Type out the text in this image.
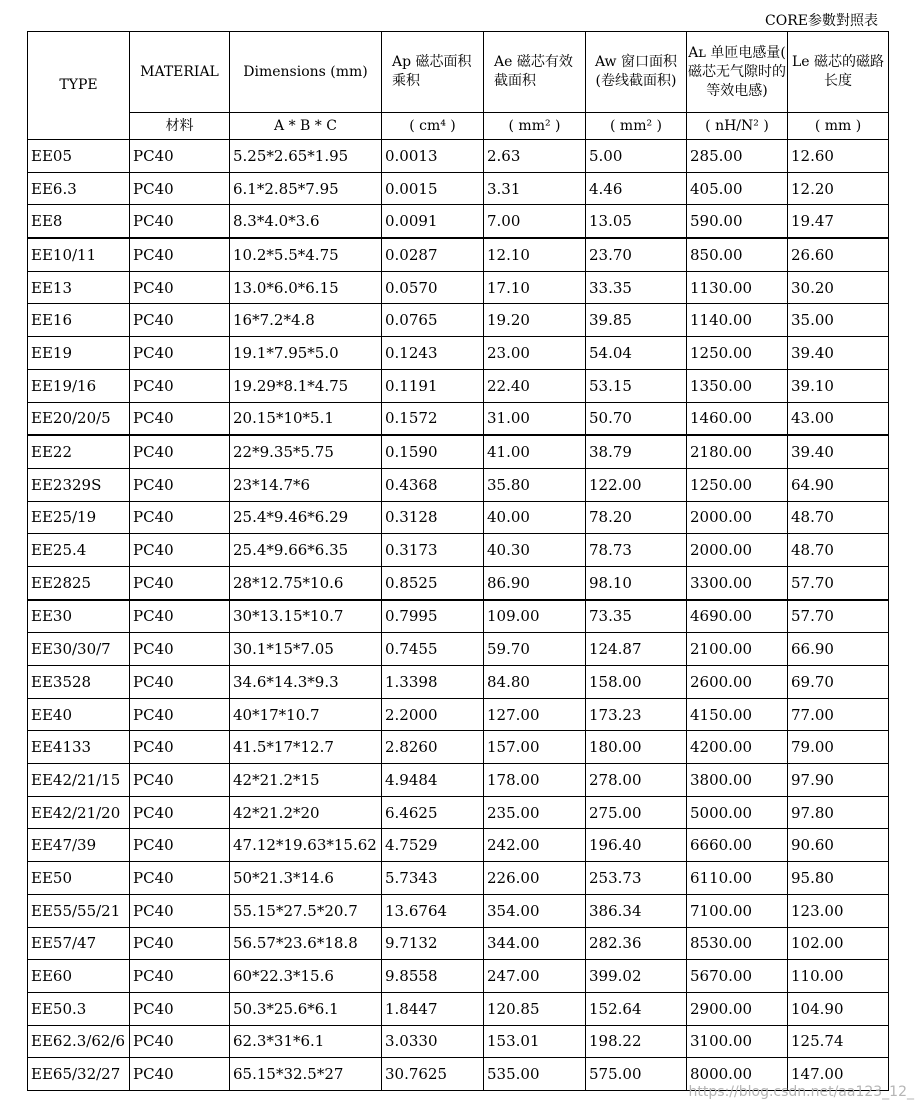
CORE参數對照表
TYPE	MATERIAL	Dimensions (mm)	Ap 磁芯面积乘积	Ae 磁芯有效截面积	Aw 窗口面积(卷线截面积)	Aʟ 单匝电感量( 磁芯无气隙时的等效电感)	Le 磁芯的磁路长度
	材料	A * B * C	( cm⁴ )	( mm² )	( mm² )	( nH/N² )	( mm )
EE05	PC40	5.25*2.65*1.95	0.0013	2.63	5.00	285.00	12.60
EE6.3	PC40	6.1*2.85*7.95	0.0015	3.31	4.46	405.00	12.20
EE8	PC40	8.3*4.0*3.6	0.0091	7.00	13.05	590.00	19.47
EE10/11	PC40	10.2*5.5*4.75	0.0287	12.10	23.70	850.00	26.60
EE13	PC40	13.0*6.0*6.15	0.0570	17.10	33.35	1130.00	30.20
EE16	PC40	16*7.2*4.8	0.0765	19.20	39.85	1140.00	35.00
EE19	PC40	19.1*7.95*5.0	0.1243	23.00	54.04	1250.00	39.40
EE19/16	PC40	19.29*8.1*4.75	0.1191	22.40	53.15	1350.00	39.10
EE20/20/5	PC40	20.15*10*5.1	0.1572	31.00	50.70	1460.00	43.00
EE22	PC40	22*9.35*5.75	0.1590	41.00	38.79	2180.00	39.40
EE2329S	PC40	23*14.7*6	0.4368	35.80	122.00	1250.00	64.90
EE25/19	PC40	25.4*9.46*6.29	0.3128	40.00	78.20	2000.00	48.70
EE25.4	PC40	25.4*9.66*6.35	0.3173	40.30	78.73	2000.00	48.70
EE2825	PC40	28*12.75*10.6	0.8525	86.90	98.10	3300.00	57.70
EE30	PC40	30*13.15*10.7	0.7995	109.00	73.35	4690.00	57.70
EE30/30/7	PC40	30.1*15*7.05	0.7455	59.70	124.87	2100.00	66.90
EE3528	PC40	34.6*14.3*9.3	1.3398	84.80	158.00	2600.00	69.70
EE40	PC40	40*17*10.7	2.2000	127.00	173.23	4150.00	77.00
EE4133	PC40	41.5*17*12.7	2.8260	157.00	180.00	4200.00	79.00
EE42/21/15	PC40	42*21.2*15	4.9484	178.00	278.00	3800.00	97.90
EE42/21/20	PC40	42*21.2*20	6.4625	235.00	275.00	5000.00	97.80
EE47/39	PC40	47.12*19.63*15.62	4.7529	242.00	196.40	6660.00	90.60
EE50	PC40	50*21.3*14.6	5.7343	226.00	253.73	6110.00	95.80
EE55/55/21	PC40	55.15*27.5*20.7	13.6764	354.00	386.34	7100.00	123.00
EE57/47	PC40	56.57*23.6*18.8	9.7132	344.00	282.36	8530.00	102.00
EE60	PC40	60*22.3*15.6	9.8558	247.00	399.02	5670.00	110.00
EE50.3	PC40	50.3*25.6*6.1	1.8447	120.85	152.64	2900.00	104.90
EE62.3/62/6	PC40	62.3*31*6.1	3.0330	153.01	198.22	3100.00	125.74
EE65/32/27	PC40	65.15*32.5*27	30.7625	535.00	575.00	8000.00	147.00
https://blog.csdn.net/aa123_12_
